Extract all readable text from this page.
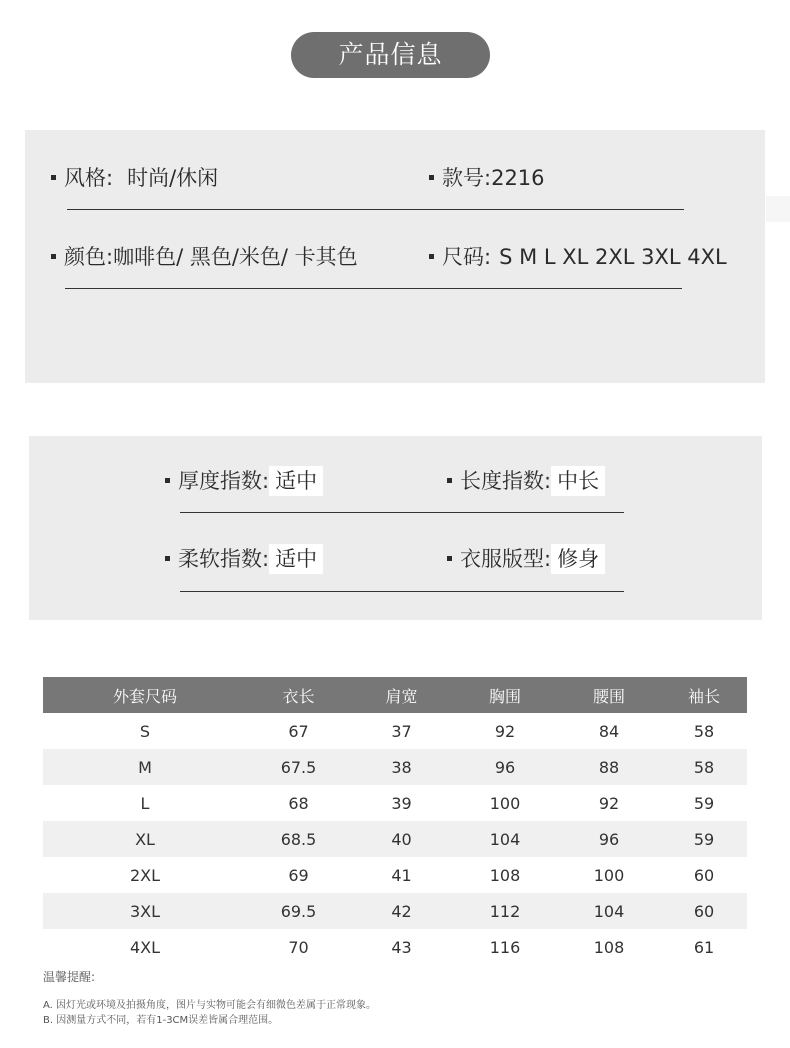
产品信息
风格: 时尚/休闲	款号:2216
颜色:咖啡色/ 黑色/米色/ 卡其色	尺码: S M L XL 2XL 3XL 4XL
厚度指数: 适中	长度指数: 中长
柔软指数: 适中	衣服版型: 修身
外套尺码	衣长	肩宽	胸围	腰围	袖长
S	67	37	92	84	58
M	67.5	38	96	88	58
L	68	39	100	92	59
XL	68.5	40	104	96	59
2XL	69	41	108	100	60
3XL	69.5	42	112	104	60
4XL	70	43	116	108	61
温馨提醒:
A. 因灯光或环境及拍摄角度，图片与实物可能会有细微色差属于正常现象。
B. 因测量方式不同，若有1-3CM误差皆属合理范围。
